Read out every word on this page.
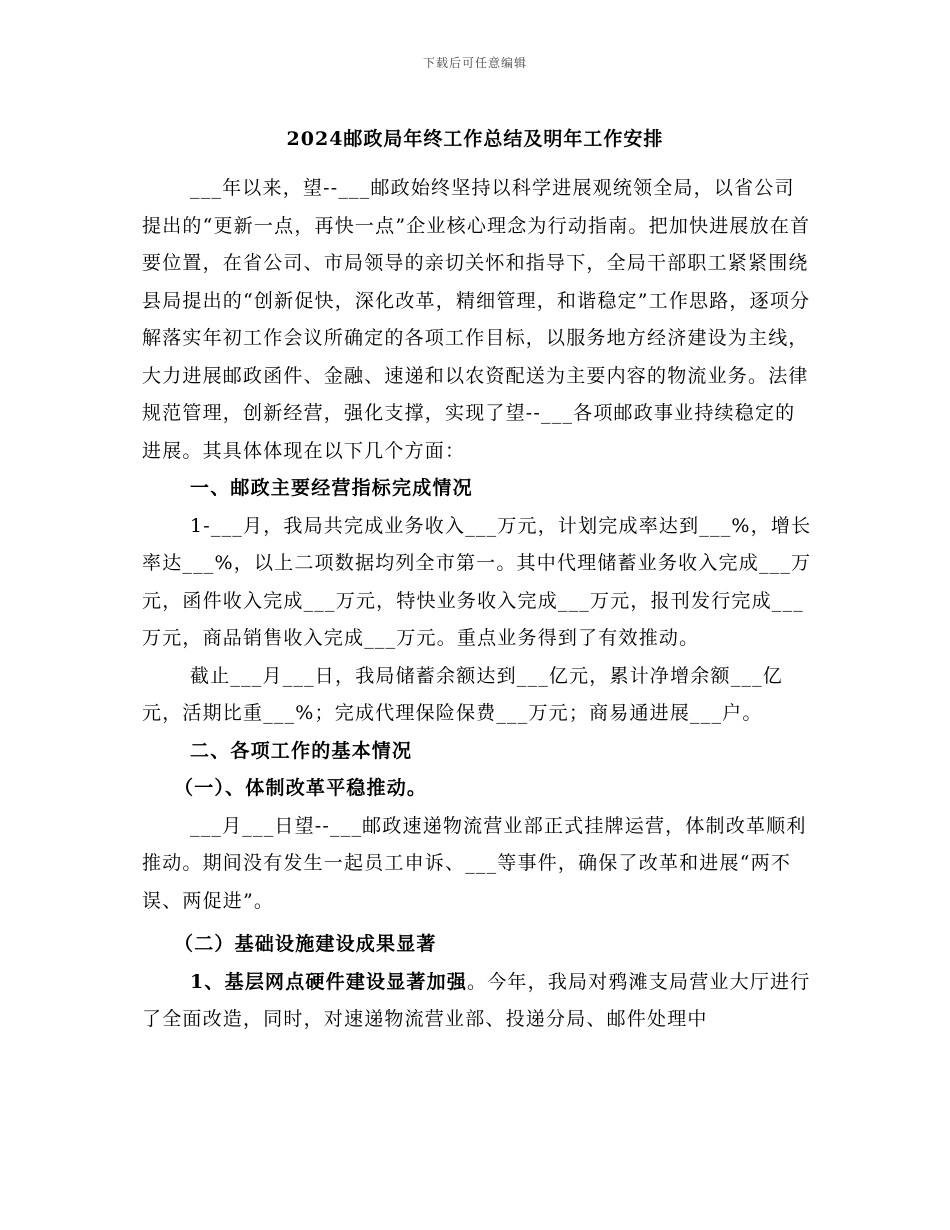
下载后可任意编辑
2024邮政局年终工作总结及明年工作安排

___年以来，望--___邮政始终坚持以科学进展观统领全局，以省公司提出的“更新一点，再快一点”企业核心理念为行动指南。把加快进展放在首要位置，在省公司、市局领导的亲切关怀和指导下，全局干部职工紧紧围绕县局提出的“创新促快，深化改革，精细管理，和谐稳定”工作思路，逐项分解落实年初工作会议所确定的各项工作目标，以服务地方经济建设为主线，大力进展邮政函件、金融、速递和以农资配送为主要内容的物流业务。法律规范管理，创新经营，强化支撑，实现了望--___各项邮政事业持续稳定的进展。其具体体现在以下几个方面：

一、邮政主要经营指标完成情况

1-___月，我局共完成业务收入___万元，计划完成率达到___%，增长率达___%，以上二项数据均列全市第一。其中代理储蓄业务收入完成___万元，函件收入完成___万元，特快业务收入完成___万元，报刊发行完成___万元，商品销售收入完成___万元。重点业务得到了有效推动。

截止___月___日，我局储蓄余额达到___亿元，累计净增余额___亿元，活期比重___%；完成代理保险保费___万元；商易通进展___户。

二、各项工作的基本情况

（一）、体制改革平稳推动。

___月___日望--___邮政速递物流营业部正式挂牌运营，体制改革顺利推动。期间没有发生一起员工申诉、___等事件，确保了改革和进展“两不误、两促进”。

（二）基础设施建设成果显著

1、基层网点硬件建设显著加强。今年，我局对鸦滩支局营业大厅进行了全面改造，同时，对速递物流营业部、投递分局、邮件处理中
